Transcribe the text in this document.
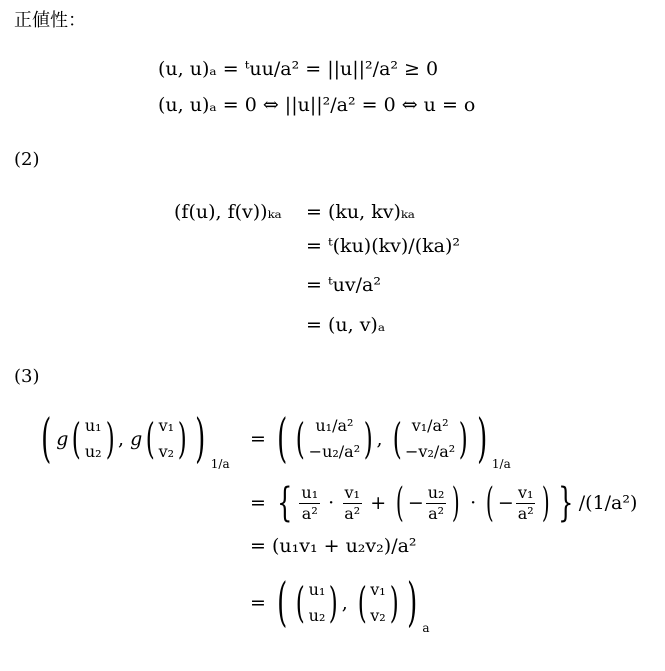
正値性：
(u, u)ₐ = ᵗuu/a² = ||u||²/a² ≥ 0
(u, u)ₐ = 0 ⇔ ||u||²/a² = 0 ⇔ u = o
(2)
(f(u), f(v))ₖₐ = (ku, kv)ₖₐ
= ᵗ(ku)(kv)/(ka)²
= ᵗuv/a²
= (u, v)ₐ
(3)
( g ( u₁
u₂ ) , g ( v₁
v₂ ) ) 1/a
= ( ( u₁/a²
−u₂/a² ) , ( v₁/a²
−v₂/a² ) ) 1/a
= { $\frac{\text{u₁}}{\text{a²}} \cdot \frac{\text{v₁}}{\text{a²}}$ + ( − $\frac{\text{u₂}}{\text{a²}}$ ) · ( − $\frac{\text{v₁}}{\text{a²}}$ ) } /(1/a²)
= (u₁v₁ + u₂v₂)/a²
= ( ( u₁
u₂ ) , ( v₁
v₂ ) ) a
